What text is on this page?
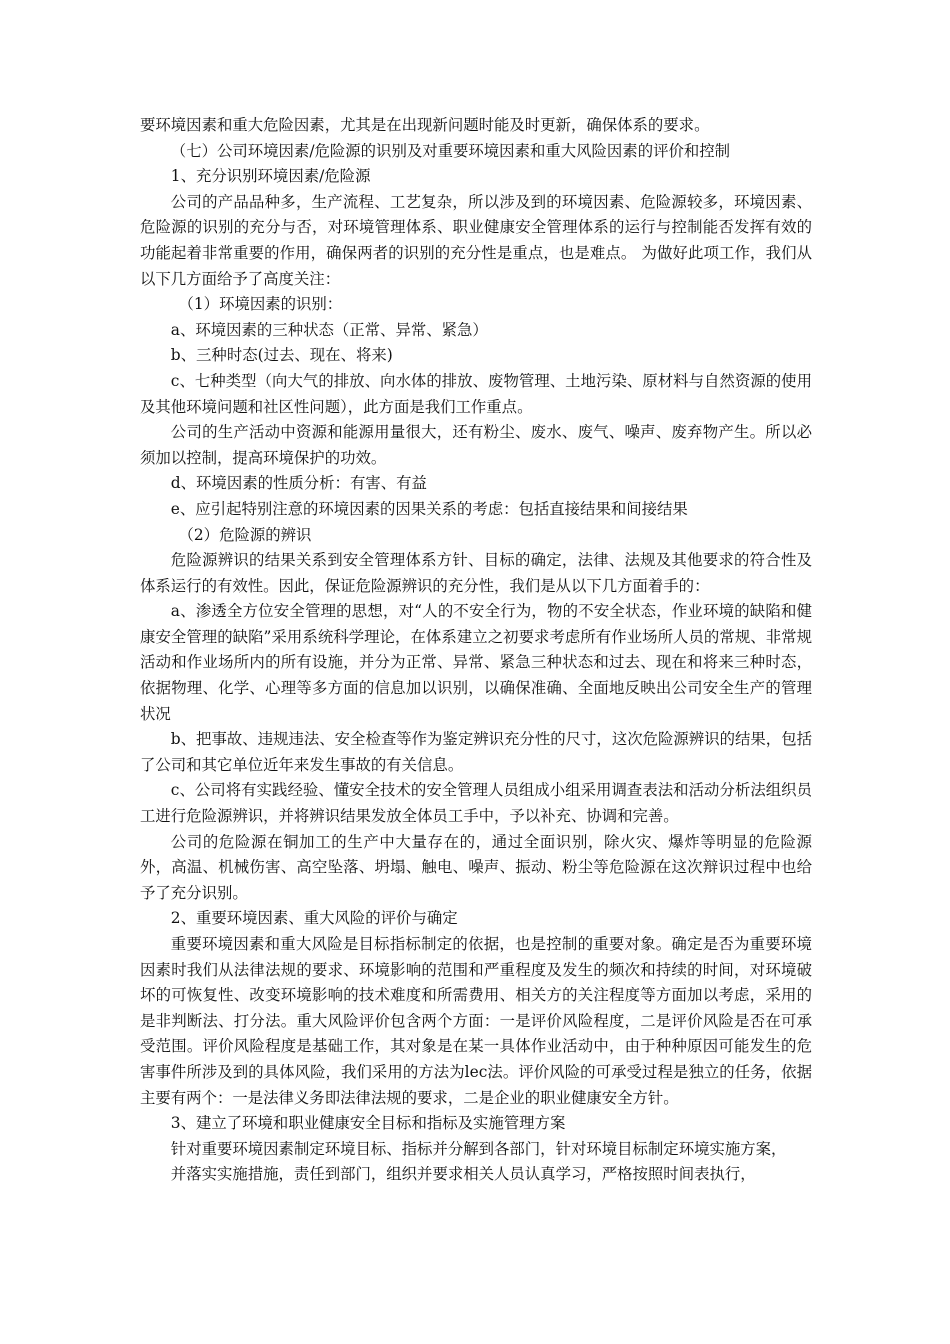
要环境因素和重大危险因素，尤其是在出现新问题时能及时更新，确保体系的要求。

（七）公司环境因素/危险源的识别及对重要环境因素和重大风险因素的评价和控制

1、充分识别环境因素/危险源

公司的产品品种多，生产流程、工艺复杂，所以涉及到的环境因素、危险源较多，环境因素、危险源的识别的充分与否，对环境管理体系、职业健康安全管理体系的运行与控制能否发挥有效的功能起着非常重要的作用，确保两者的识别的充分性是重点，也是难点。 为做好此项工作，我们从以下几方面给予了高度关注：

（1）环境因素的识别：

a、环境因素的三种状态（正常、异常、紧急）

b、三种时态(过去、现在、将来)

c、七种类型（向大气的排放、向水体的排放、废物管理、土地污染、原材料与自然资源的使用及其他环境问题和社区性问题），此方面是我们工作重点。

公司的生产活动中资源和能源用量很大，还有粉尘、废水、废气、噪声、废弃物产生。所以必须加以控制，提高环境保护的功效。

d、环境因素的性质分析：有害、有益

e、应引起特别注意的环境因素的因果关系的考虑：包括直接结果和间接结果

（2）危险源的辨识

危险源辨识的结果关系到安全管理体系方针、目标的确定，法律、法规及其他要求的符合性及体系运行的有效性。因此，保证危险源辨识的充分性，我们是从以下几方面着手的：

a、渗透全方位安全管理的思想，对“人的不安全行为，物的不安全状态，作业环境的缺陷和健康安全管理的缺陷”采用系统科学理论，在体系建立之初要求考虑所有作业场所人员的常规、非常规活动和作业场所内的所有设施，并分为正常、异常、紧急三种状态和过去、现在和将来三种时态，依据物理、化学、心理等多方面的信息加以识别，以确保准确、全面地反映出公司安全生产的管理状况

b、把事故、违规违法、安全检查等作为鉴定辨识充分性的尺寸，这次危险源辨识的结果，包括了公司和其它单位近年来发生事故的有关信息。

c、公司将有实践经验、懂安全技术的安全管理人员组成小组采用调查表法和活动分析法组织员工进行危险源辨识，并将辨识结果发放全体员工手中，予以补充、协调和完善。

公司的危险源在铜加工的生产中大量存在的，通过全面识别，除火灾、爆炸等明显的危险源外，高温、机械伤害、高空坠落、坍塌、触电、噪声、振动、粉尘等危险源在这次辩识过程中也给予了充分识别。

2、重要环境因素、重大风险的评价与确定

重要环境因素和重大风险是目标指标制定的依据，也是控制的重要对象。确定是否为重要环境因素时我们从法律法规的要求、环境影响的范围和严重程度及发生的频次和持续的时间，对环境破坏的可恢复性、改变环境影响的技术难度和所需费用、相关方的关注程度等方面加以考虑，采用的是非判断法、打分法。重大风险评价包含两个方面：一是评价风险程度，二是评价风险是否在可承受范围。评价风险程度是基础工作，其对象是在某一具体作业活动中，由于种种原因可能发生的危害事件所涉及到的具体风险，我们采用的方法为lec法。评价风险的可承受过程是独立的任务，依据主要有两个：一是法律义务即法律法规的要求，二是企业的职业健康安全方针。

3、建立了环境和职业健康安全目标和指标及实施管理方案

针对重要环境因素制定环境目标、指标并分解到各部门，针对环境目标制定环境实施方案，

并落实实施措施，责任到部门，组织并要求相关人员认真学习，严格按照时间表执行，
